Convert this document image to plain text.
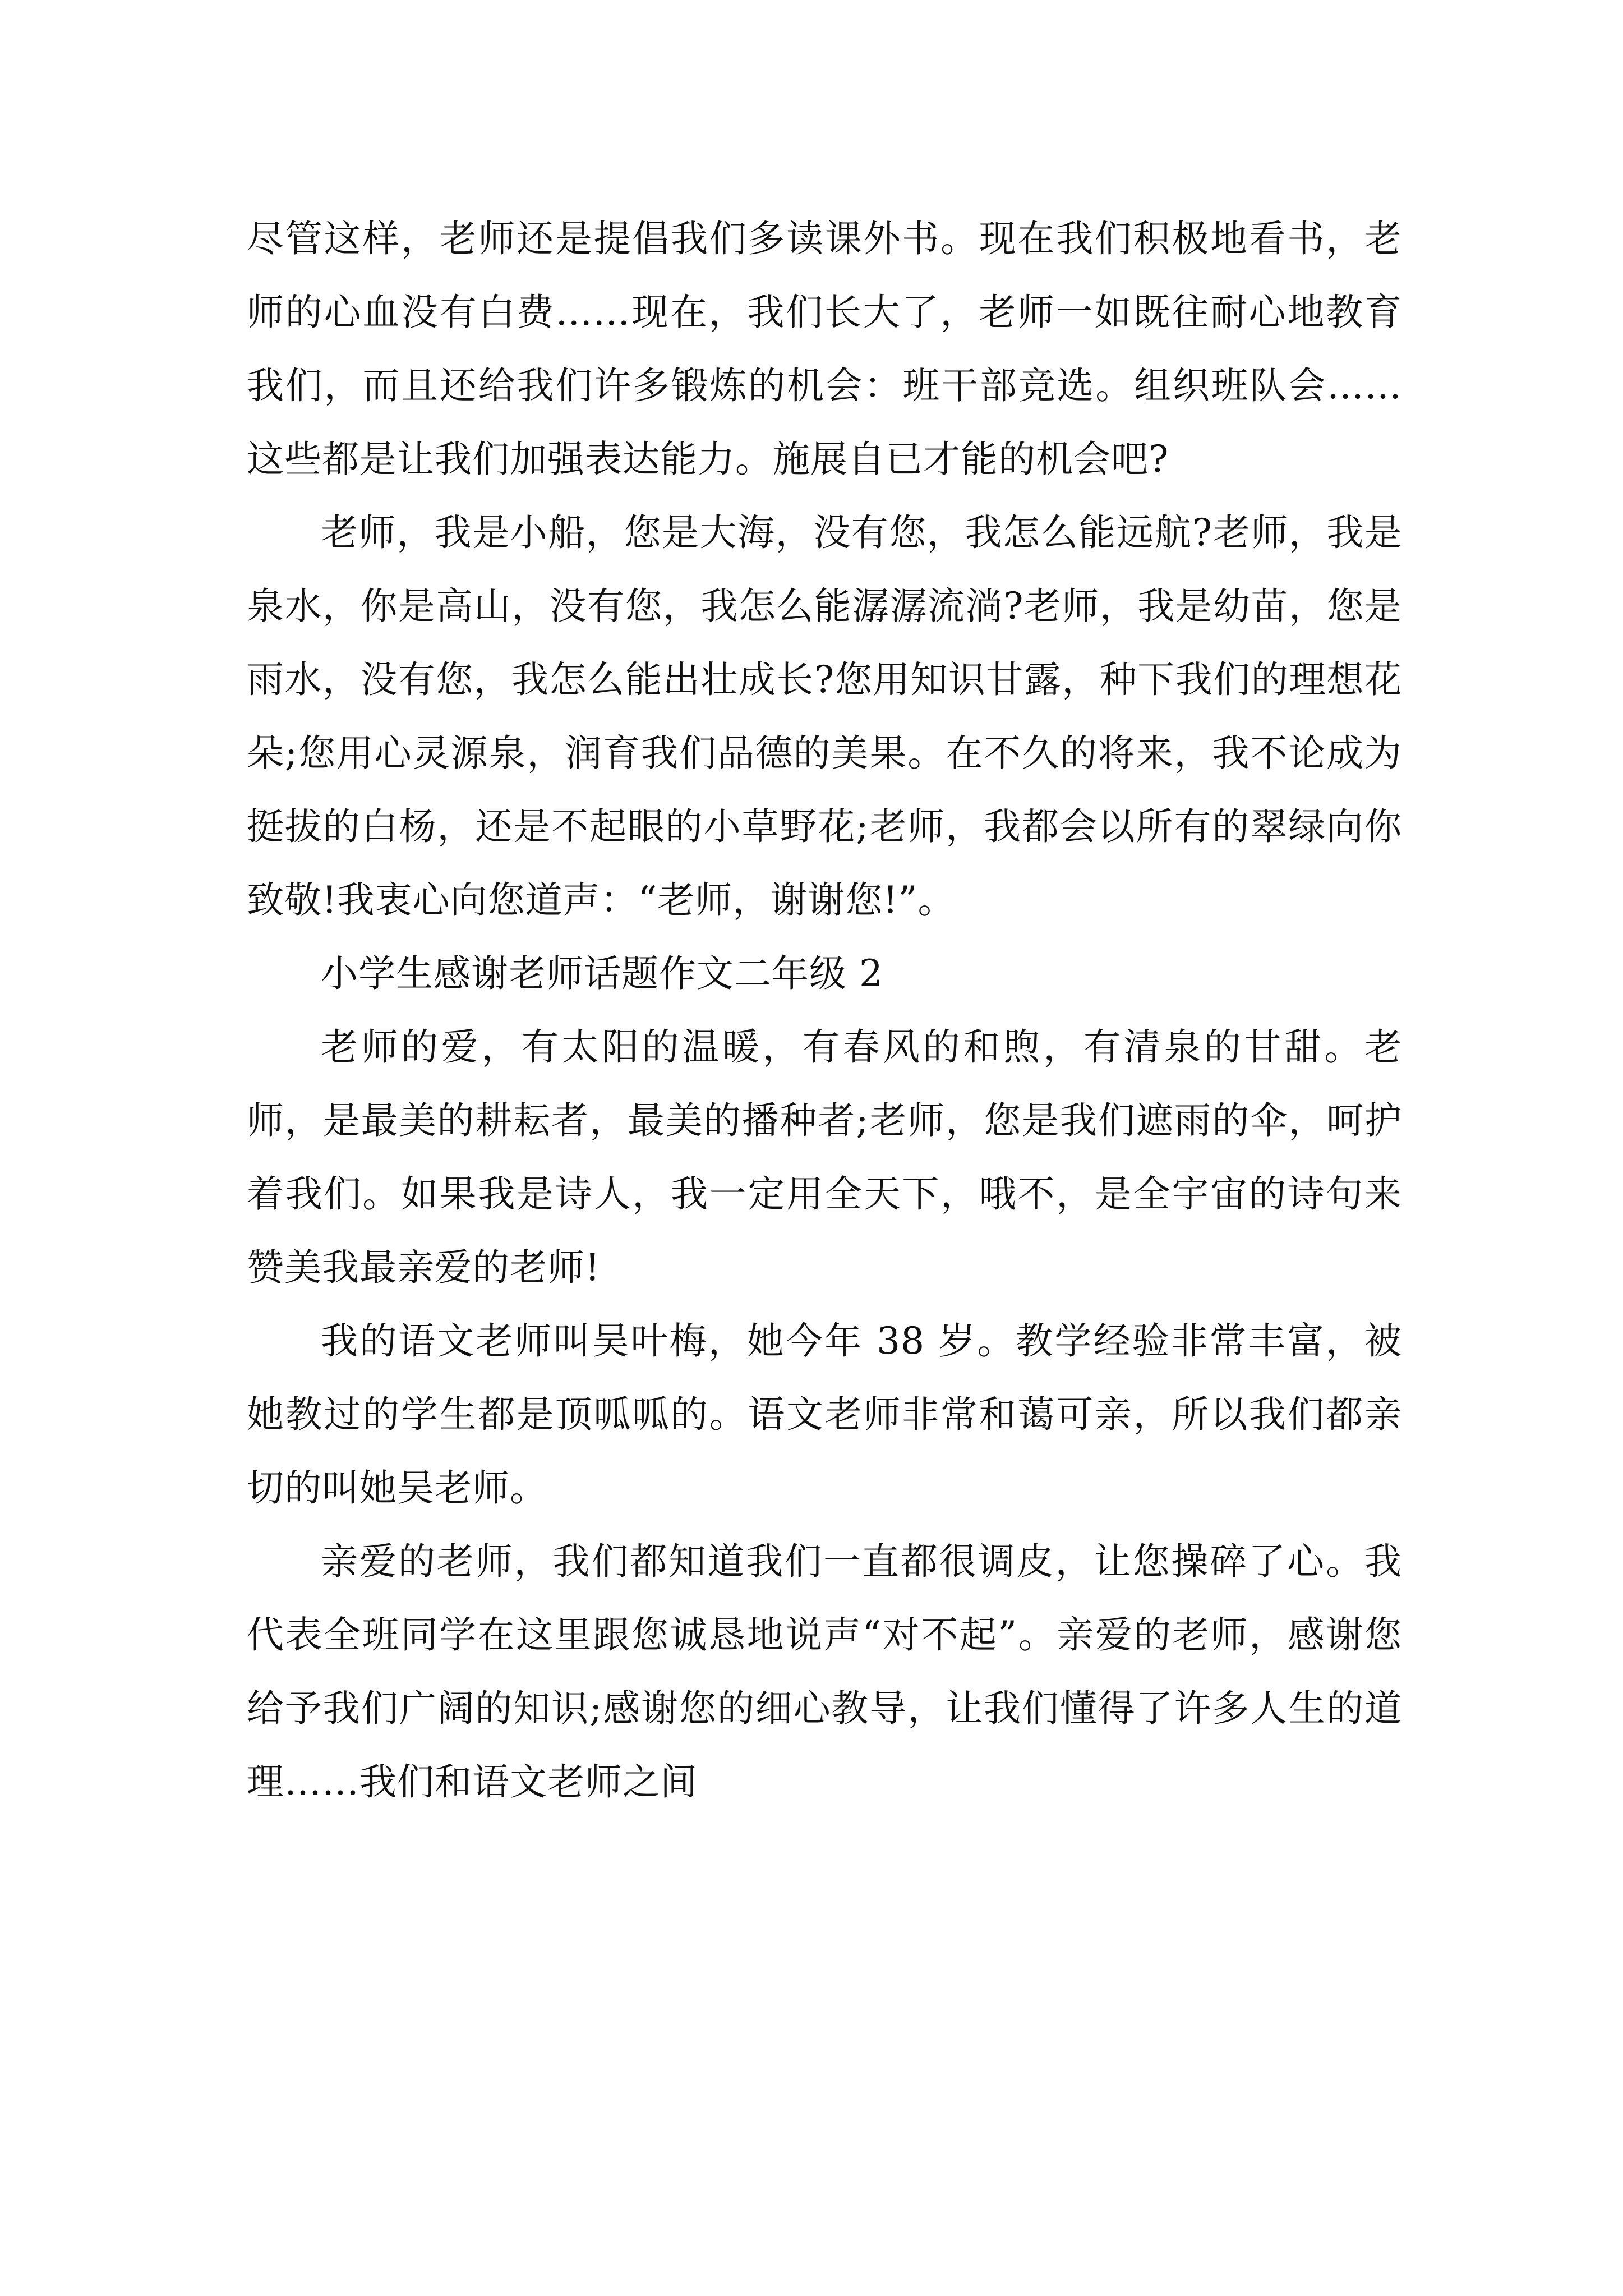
尽管这样，老师还是提倡我们多读课外书。现在我们积极地看书，老师的心血没有白费……现在，我们长大了，老师一如既往耐心地教育我们，而且还给我们许多锻炼的机会：班干部竞选。组织班队会……这些都是让我们加强表达能力。施展自已才能的机会吧?

老师，我是小船，您是大海，没有您，我怎么能远航?老师，我是泉水，你是高山，没有您，我怎么能潺潺流淌?老师，我是幼苗，您是雨水，没有您，我怎么能出壮成长?您用知识甘露，种下我们的理想花朵;您用心灵源泉，润育我们品德的美果。在不久的将来，我不论成为挺拔的白杨，还是不起眼的小草野花;老师，我都会以所有的翠绿向你致敬!我衷心向您道声：“老师，谢谢您!”。

小学生感谢老师话题作文二年级 2

老师的爱，有太阳的温暖，有春风的和煦，有清泉的甘甜。老师，是最美的耕耘者，最美的播种者;老师，您是我们遮雨的伞，呵护着我们。如果我是诗人，我一定用全天下，哦不，是全宇宙的诗句来赞美我最亲爱的老师!

我的语文老师叫吴叶梅，她今年 38 岁。教学经验非常丰富，被她教过的学生都是顶呱呱的。语文老师非常和蔼可亲，所以我们都亲切的叫她吴老师。

亲爱的老师，我们都知道我们一直都很调皮，让您操碎了心。我代表全班同学在这里跟您诚恳地说声“对不起”。亲爱的老师，感谢您给予我们广阔的知识;感谢您的细心教导，让我们懂得了许多人生的道理……我们和语文老师之间
